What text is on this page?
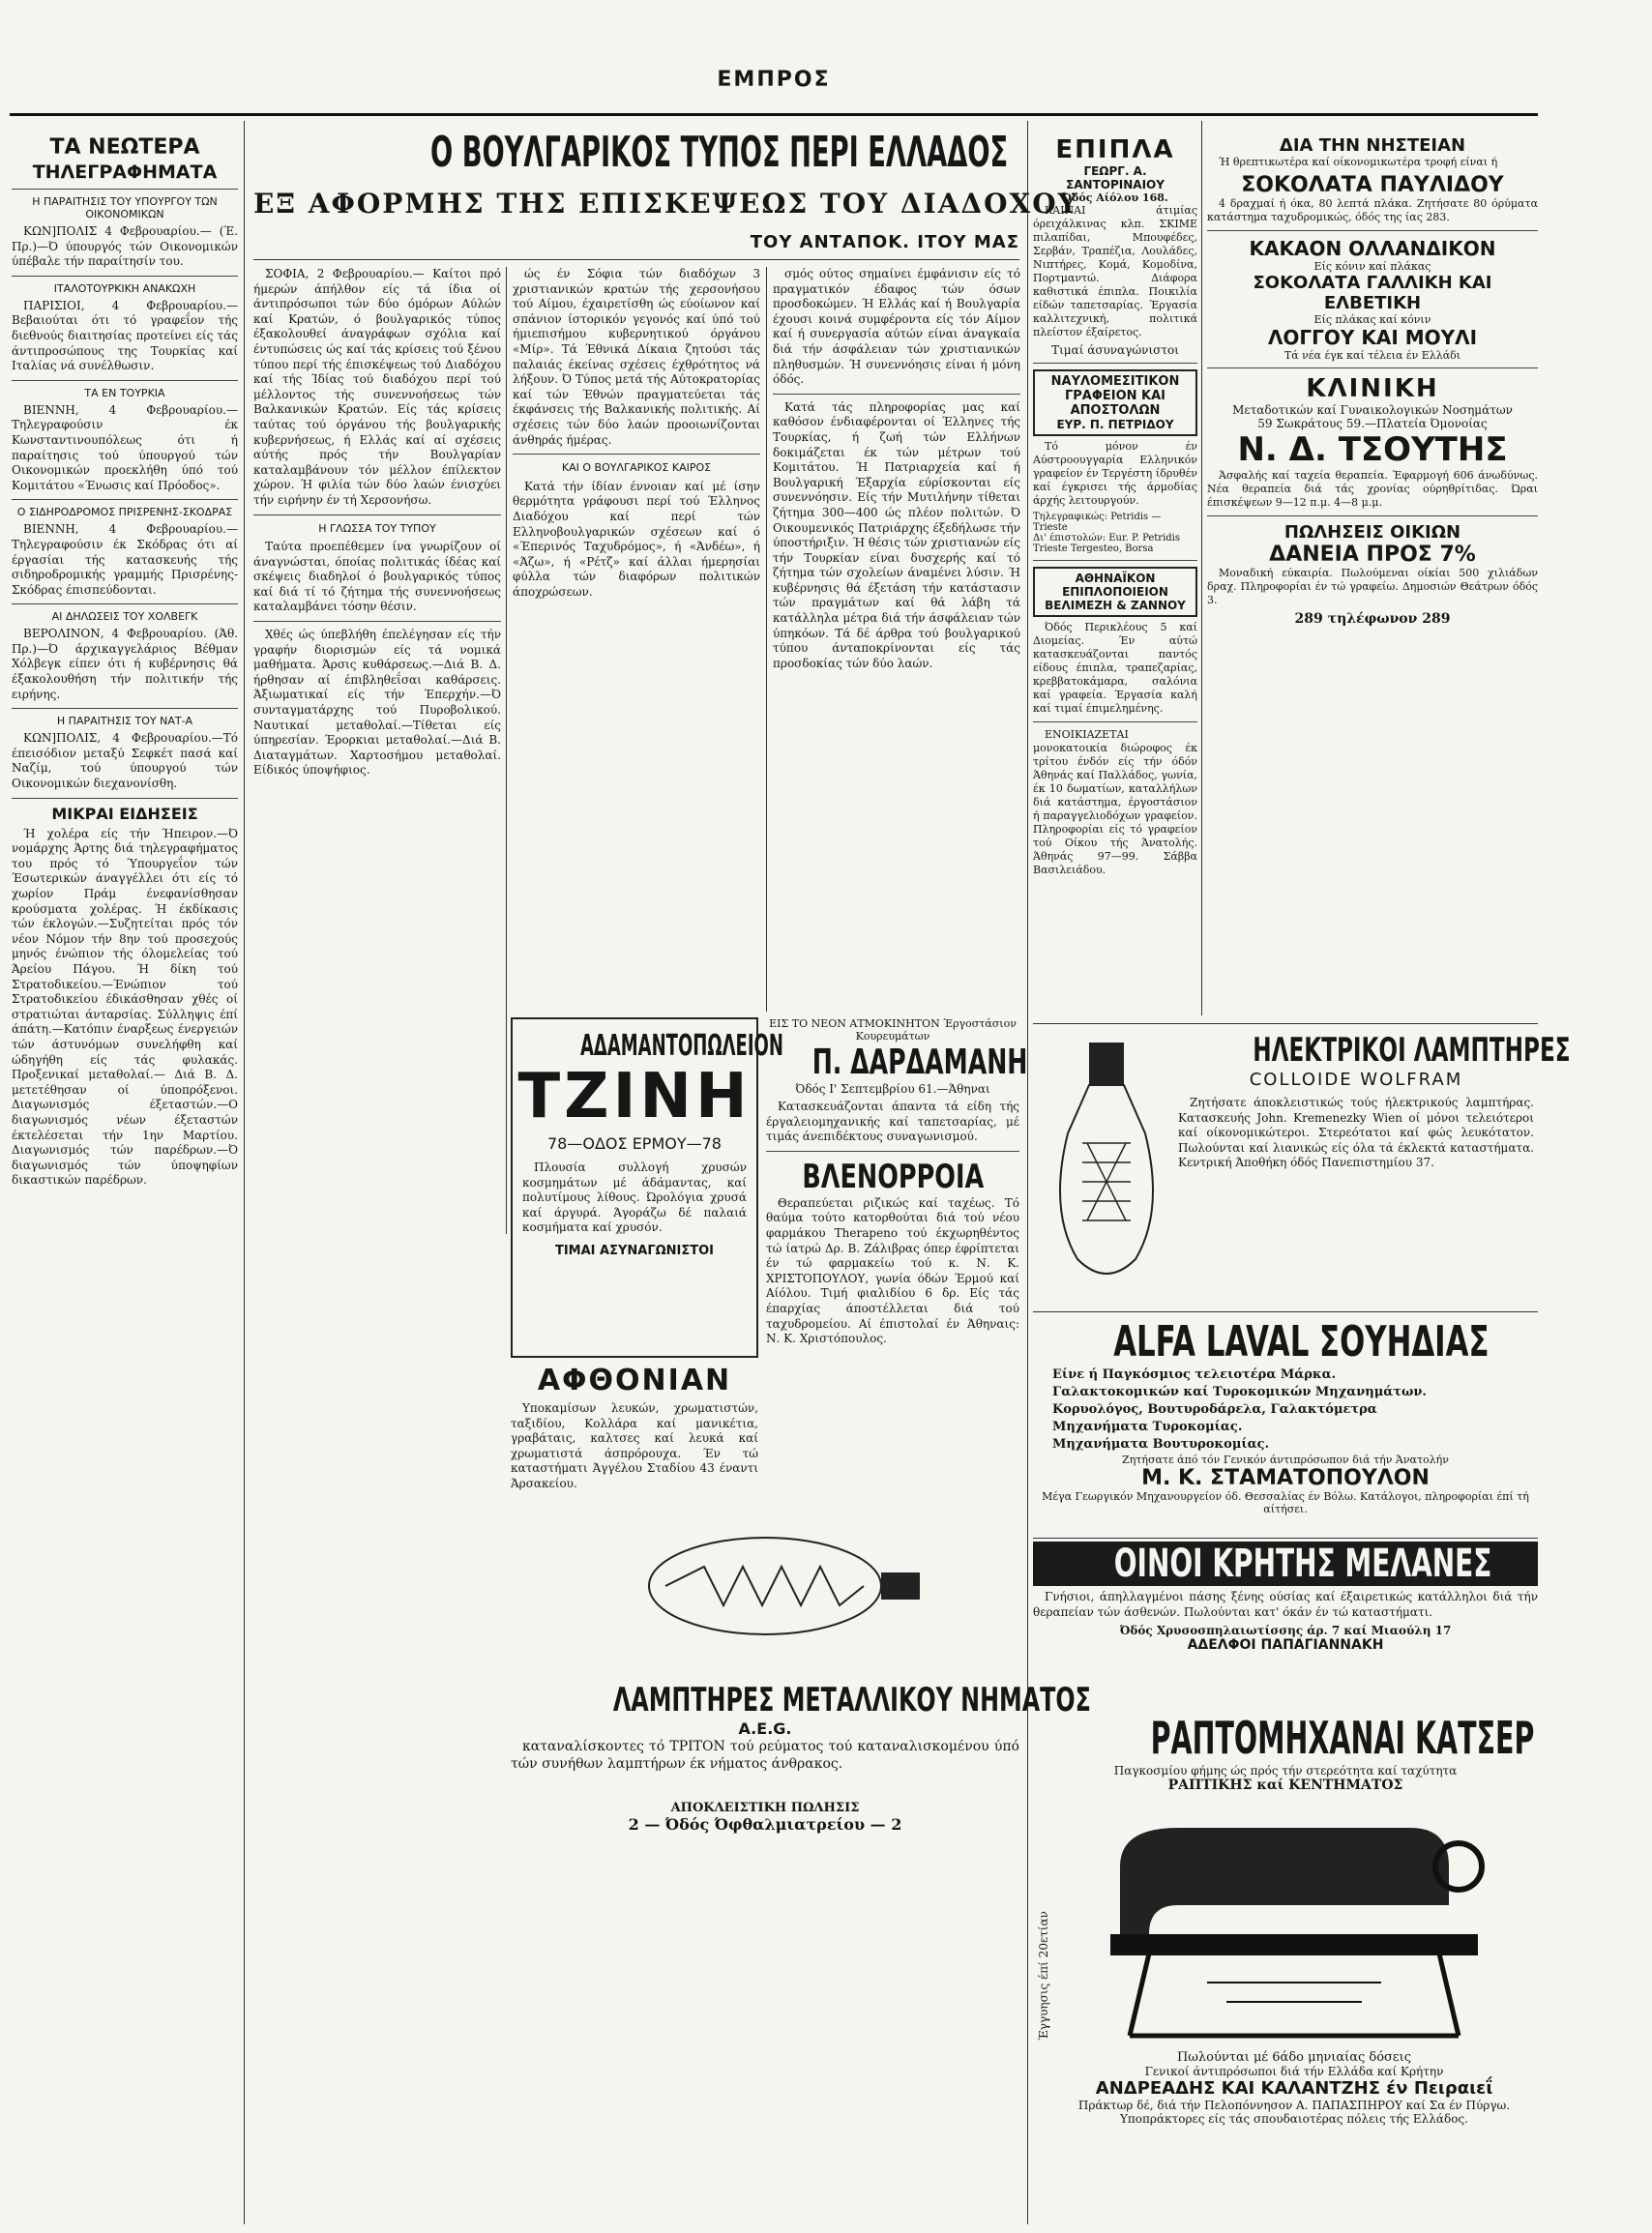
ΕΜΠΡΟΣ
ΤΑ ΝΕΩΤΕΡΑ
ΤΗΛΕΓΡΑΦΗΜΑΤΑ
Η ΠΑΡΑΙΤΗΣΙΣ ΤΟΥ ΥΠΟΥΡΓΟΥ ΤΩΝ ΟΙΚΟΝΟΜΙΚΩΝ

ΚΩΝ]ΠΟΛΙΣ 4 Φεβρουαρίου.— (Έ. Πρ.)—Ό ύπουργός τών Οικονομικών ύπέβαλε τήν παραίτησίν του.

ΙΤΑΛΟΤΟΥΡΚΙΚΗ ΑΝΑΚΩΧΗ

ΠΑΡΙΣΙΟΙ, 4 Φεβρουαρίου.—Βεβαιούται ότι τό γραφεΐον τής διεθνούς διαιτησίας προτείνει είς τάς άντιπροσώπους της Τουρκίας καί Ιταλίας νά συνέλθωσιν.

ΤΑ ΕΝ ΤΟΥΡΚΙΑ

ΒΙΕΝΝΗ, 4 Φεβρουαρίου.—Τηλεγραφούσιν έκ Κωνσταντινουπόλεως ότι ή παραίτησις τού ύπουργού τών Οικονομικών προεκλήθη ύπό τού Κομιτάτου «Ένωσις καί Πρόοδος».

Ο ΣΙΔΗΡΟΔΡΟΜΟΣ ΠΡΙΣΡΕΝΗΣ-ΣΚΟΔΡΑΣ

ΒΙΕΝΝΗ, 4 Φεβρουαρίου.—Τηλεγραφούσιν έκ Σκόδρας ότι αί έργασίαι τής κατασκευής τής σιδηροδρομικής γραμμής Πρισρένης-Σκόδρας έπισπεύδονται.

ΑΙ ΔΗΛΩΣΕΙΣ ΤΟΥ ΧΟΛΒΕΓΚ

ΒΕΡΟΛΙΝΟΝ, 4 Φεβρουαρίου. (Άθ. Πρ.)—Ό άρχικαγγελάριος Βέθμαν Χόλβεγκ είπεν ότι ή κυβέρνησις θά έξακολουθήση τήν πολιτικήν τής ειρήνης.

Η ΠΑΡΑΙΤΗΣΙΣ ΤΟΥ ΝΑΤ-Α

ΚΩΝ]ΠΟΛΙΣ, 4 Φεβρουαρίου.—Τό έπεισόδιον μεταξύ Σεφκέτ πασά καί Ναζίμ, τού ύπουργού τών Οικονομικών διεχανονίσθη.

ΜΙΚΡΑΙ ΕΙΔΗΣΕΙΣ

Ή χολέρα είς τήν Ήπειρον.—Ό νομάρχης Άρτης διά τηλεγραφήματος του πρός τό Ύπουργεΐον τών Έσωτερικών άναγγέλλει ότι είς τό χωρίον Πράμ ένεφανίσθησαν κρούσματα χολέρας. Ή έκδίκασις τών έκλογών.—Συζητείται πρός τόν νέον Νόμον τήν 8ην τού προσεχούς μηνός ένώπιον τής όλομελείας τού Άρείου Πάγου. Ή δίκη τού Στρατοδικείου.—Ένώπιον τού Στρατοδικείου έδικάσθησαν χθές οί στρατιώται άνταρσίας. Σύλληψις έπί άπάτη.—Κατόπιν έναρξεως ένεργειών τών άστυνόμων συνελήφθη καί ώδηγήθη είς τάς φυλακάς. Προξενικαί μεταθολαί.— Διά Β. Δ. μετετέθησαν οί ύποπρόξενοι. Διαγωνισμός έξεταστών.—Ο διαγωνισμός νέων έξεταστών έκτελέσεται τήν 1ην Μαρτίου. Διαγωνισμός τών παρέδρων.—Ό διαγωνισμός τών ύποψηφίων δικαστικών παρέδρων.

Ο ΒΟΥΛΓΑΡΙΚΟΣ ΤΥΠΟΣ ΠΕΡΙ ΕΛΛΑΔΟΣ
ΕΞ ΑΦΟΡΜΗΣ ΤΗΣ ΕΠΙΣΚΕΨΕΩΣ ΤΟΥ ΔΙΑΔΟΧΟΥ
ΤΟΥ ΑΝΤΑΠΟΚ. ΙΤΟΥ ΜΑΣ

ΣΟΦΙΑ, 2 Φεβρουαρίου.— Καίτοι πρό ήμερών άπήλθον είς τά ίδια οί άντιπρόσωποι τών δύο όμόρων Αύλών καί Κρατών, ό βουλγαρικός τύπος έξακολουθεί άναγράφων σχόλια καί έντυπώσεις ώς καί τάς κρίσεις τού ξένου τύπου περί τής έπισκέψεως τού Διαδόχου καί τής Ίδίας τού διαδόχου περί τού μέλλοντος τής συνεννοήσεως τών Βαλκανικών Κρατών. Είς τάς κρίσεις ταύτας τού όργάνου τής βουλγαρικής κυβερνήσεως, ή Ελλάς καί αί σχέσεις αύτής πρός τήν Βουλγαρίαν καταλαμβάνουν τόν μέλλον έπίλεκτον χώρον. Ή φιλία τών δύο λαών ένισχύει τήν ειρήνην έν τή Χερσονήσω.

Η ΓΛΩΣΣΑ ΤΟΥ ΤΥΠΟΥ

Ταύτα προεπέθεμεν ίνα γνωρίζουν οί άναγνώσται, όποίας πολιτικάς ίδέας καί σκέψεις διαδηλοί ό βουλγαρικός τύπος καί διά τί τό ζήτημα τής συνεννοήσεως καταλαμβάνει τόσην θέσιν.

Χθές ώς ύπεβλήθη έπελέγησαν είς τήν γραφήν διορισμών είς τά νομικά μαθήματα. Άρσις κυθάρσεως.—Διά Β. Δ. ήρθησαν αί έπιβληθεΐσαι καθάρσεις. Άξιωματικαί είς τήν Έπερχήν.—Ό συνταγματάρχης τού Πυροβολικού. Ναυτικαί μεταθολαί.—Τίθεται είς ύπηρεσίαν. Έρορκιαι μεταθολαί.—Διά Β. Διαταγμάτων. Χαρτοσήμου μεταθολαί. Είδικός ύποψήφιος.

ώς έν Σόφια τών διαδόχων 3 χριστιανικών κρατών τής χερσονήσου τού Αίμου, έχαιρετίσθη ώς εύοίωνον καί σπάνιον ίστορικόν γεγονός καί ύπό τού ήμιεπισήμου κυβερνητικού όργάνου «Μίρ». Τά Έθνικά Δίκαια ζητούσι τάς παλαιάς έκείνας σχέσεις έχθρότητος νά λήξουν. Ό Τύπος μετά τής Αύτοκρατορίας καί τών Έθνών πραγματεύεται τάς έκφάνσεις τής Βαλκανικής πολιτικής. Αί σχέσεις τών δύο λαών προοιωνίζονται άνθηράς ήμέρας.

ΚΑΙ Ο ΒΟΥΛΓΑΡΙΚΟΣ ΚΑΙΡΟΣ

Κατά τήν ίδίαν έννοιαν καί μέ ίσην θερμότητα γράφουσι περί τού Έλληνος Διαδόχου καί περί τών Ελληνοβουλγαρικών σχέσεων καί ό «Έπερινός Ταχυδρόμος», ή «Άνδέω», ή «Άζω», ή «Ρέτζ» καί άλλαι ήμερησίαι φύλλα τών διαφόρων πολιτικών άποχρώσεων.

σμός ούτος σημαίνει έμφάνισιν είς τό πραγματικόν έδαφος τών όσων προσδοκώμεν. Ή Ελλάς καί ή Βουλγαρία έχουσι κοινά συμφέροντα είς τόν Αίμον καί ή συνεργασία αύτών είναι άναγκαία διά τήν άσφάλειαν τών χριστιανικών πληθυσμών. Ή συνεννόησις είναι ή μόνη όδός.

Κατά τάς πληροφορίας μας καί καθόσον ένδιαφέρονται οί Έλληνες τής Τουρκίας, ή ζωή τών Ελλήνων δοκιμάζεται έκ τών μέτρων τού Κομιτάτου. Ή Πατριαρχεία καί ή Βουλγαρική Έξαρχία εύρίσκονται είς συνεννόησιν. Είς τήν Μυτιλήνην τίθεται ζήτημα 300—400 ώς πλέον πολιτών. Ό Οικουμενικός Πατριάρχης έξεδήλωσε τήν ύποστήριξιν. Ή θέσις τών χριστιανών είς τήν Τουρκίαν είναι δυσχερής καί τό ζήτημα τών σχολείων άναμένει λύσιν. Ή κυβέρνησις θά έξετάση τήν κατάστασιν τών πραγμάτων καί θά λάβη τά κατάλληλα μέτρα διά τήν άσφάλειαν τών ύπηκόων. Τά δέ άρθρα τού βουλγαρικού τύπου άνταποκρίνονται είς τάς προσδοκίας τών δύο λαών.

ΑΔΑΜΑΝΤΟΠΩΛΕΙΟΝ
ΤΖΙΝΗ
78—ΟΔΟΣ ΕΡΜΟΥ—78

Πλουσία συλλογή χρυσών κοσμημάτων μέ άδάμαντας, καί πολυτίμους λίθους. Ώρολόγια χρυσά καί άργυρά. Άγοράζω δέ παλαιά κοσμήματα καί χρυσόν.

ΤΙΜΑΙ ΑΣΥΝΑΓΩΝΙΣΤΟΙ
ΑΦΘΟΝΙΑΝ

Υποκαμίσων λευκών, χρωματιστών, ταξιδίου, Κολλάρα καί μανικέτια, γραβάταις, καλτσες καί λευκά καί χρωματιστά άσπρόρουχα. Έν τώ καταστήματι Άγγέλου Σταδίου 43 έναντι Άρσακείου.

ΕΙΣ ΤΟ ΝΕΟΝ ΑΤΜΟΚΙΝΗΤΟΝ Έργοστάσιον Κουρευμάτων
Π. ΔΑΡΔΑΜΑΝΗ
Όδός Ι' Σεπτεμβρίου 61.—Άθηναι

Κατασκευάζονται άπαντα τά είδη τής έργαλειομηχανικής καί ταπετσαρίας, μέ τιμάς άνεπιδέκτους συναγωνισμού.

ΒΛΕΝΟΡΡΟΙΑ

Θεραπεύεται ριζικώς καί ταχέως. Τό θαύμα τούτο κατορθούται διά τού νέου φαρμάκου Therapeno τού έκχωρηθέντος τώ ίατρώ Δρ. Β. Ζάλιβρας όπερ έφρίπτεται έν τώ φαρμακείω τού κ. Ν. Κ. ΧΡΙΣΤΟΠΟΥΛΟΥ, γωνία όδών Έρμού καί Αίόλου. Τιμή φιαλιδίου 6 δρ. Είς τάς έπαρχίας άποστέλλεται διά τού ταχυδρομείου. Αί έπιστολαί έν Άθηναις: Ν. Κ. Χριστόπουλος.

ΛΑΜΠΤΗΡΕΣ ΜΕΤΑΛΛΙΚΟΥ ΝΗΜΑΤΟΣ
A.E.G.

καταναλίσκοντες τό ΤΡΙΤΟΝ τού ρεύματος τού καταναλισκομένου ύπό τών συνήθων λαμπτήρων έκ νήματος άνθρακος.

ΑΠΟΚΛΕΙΣΤΙΚΗ ΠΩΛΗΣΙΣ
2 — Όδός Όφθαλμιατρείου — 2
ΕΠΙΠΛΑ
ΓΕΩΡΓ. Α. ΣΑΝΤΟΡΙΝΑΙΟΥ
Όδός Αίόλου 168.

ΚΑΙΝΑΙ άτιμίας όρειχάλκινας κλπ. ΣΚΙΜΕ πιλαπίδαι, Μπουφέδες, Σερβάν, Τραπέζια, Λουλάδες, Νιπτήρες, Κομά, Κομοδίνα, Πορτμαντώ. Διάφορα καθιστικά έπιπλα. Ποικιλία είδών ταπετσαρίας. Έργασία καλλιτεχνική, πολιτικά πλείστον έξαίρετος.

Τιμαί άσυναγώνιστοι
ΝΑΥΛΟΜΕΣΙΤΙΚΟΝ ΓΡΑΦΕΙΟΝ ΚΑΙ ΑΠΟΣΤΟΛΩΝ
ΕΥΡ. Π. ΠΕΤΡΙΔΟΥ

Τό μόνον έν Αύστροουγγαρία Ελληνικόν γραφείον έν Τεργέστη ίδρυθέν καί έγκρισει τής άρμοδίας άρχής λειτουργούν.

Τηλεγραφικώς: Petridis — Trieste
Δι' έπιστολών: Eur. P. Petridis Trieste Tergesteo, Borsa
ΑΘΗΝΑΪΚΟΝ ΕΠΙΠΛΟΠΟΙΕΙΟΝ
ΒΕΛΙΜΕΖΗ & ΖΑΝΝΟΥ

Όδός Περικλέους 5 καί Διομείας. Έν αύτώ κατασκευάζονται παντός είδους έπιπλα, τραπεζαρίας, κρεββατοκάμαρα, σαλόνια καί γραφεία. Έργασία καλή καί τιμαί έπιμελημένης.

ΕΝΟΙΚΙΑΖΕΤΑΙ μονοκατοικία διώροφος έκ τρίτου ένδόν είς τήν όδόν Άθηνάς καί Παλλάδος, γωνία, έκ 10 δωματίων, καταλλήλων διά κατάστημα, έργοστάσιον ή παραγγελιοδόχων γραφείον. Πληροφορίαι είς τό γραφείον τού Οίκου τής Άνατολής. Άθηνάς 97—99. Σάββα Βασιλειάδου.

ΔΙΑ ΤΗΝ ΝΗΣΤΕΙΑΝ

Ή θρεπτικωτέρα καί οίκονομικωτέρα τροφή είναι ή

ΣΟΚΟΛΑΤΑ ΠΑΥΛΙΔΟΥ

4 δραχμαί ή όκα, 80 λεπτά πλάκα. Ζητήσατε 80 όρύματα κατάστημα ταχυδρομικώς, όδός της ίας 283.

ΚΑΚΑΟΝ ΟΛΛΑΝΔΙΚΟΝ
Είς κόνιν καί πλάκας
ΣΟΚΟΛΑΤΑ ΓΑΛΛΙΚΗ ΚΑΙ ΕΛΒΕΤΙΚΗ
Είς πλάκας καί κόνιν
ΛΟΓΓΟΥ ΚΑΙ ΜΟΥΛΙ
Τά νέα έγκ καί τέλεια έν Ελλάδι
ΚΛΙΝΙΚΗ
Μεταδοτικών καί Γυναικολογικών Νοσημάτων
59 Σωκράτους 59.—Πλατεία Όμονοίας
Ν. Δ. ΤΣΟΥΤΗΣ

Άσφαλής καί ταχεία θεραπεία. Έφαρμογή 606 άνωδύνως. Νέα θεραπεία διά τάς χρονίας ούρηθρίτιδας. Ώραι έπισκέψεων 9—12 π.μ. 4—8 μ.μ.

ΠΩΛΗΣΕΙΣ ΟΙΚΙΩΝ
ΔΑΝΕΙΑ ΠΡΟΣ 7%

Μοναδική εύκαιρία. Πωλούμεναι οίκίαι 500 χιλιάδων δραχ. Πληροφορίαι έν τώ γραφείω. Δημοσιών Θεάτρων όδός 3.

289 τηλέφωνον 289
ΗΛΕΚΤΡΙΚΟΙ ΛΑΜΠΤΗΡΕΣ
COLLOIDE WOLFRAM

Ζητήσατε άποκλειστικώς τούς ήλεκτρικούς λαμπτήρας. Κατασκευής John. Kremenezky Wien οί μόνοι τελειότεροι καί οίκονομικώτεροι. Στερεότατοι καί φώς λευκότατον. Πωλούνται καί λιανικώς είς όλα τά έκλεκτά καταστήματα. Κεντρική Άποθήκη όδός Πανεπιστημίου 37.

ALFA LAVAL ΣΟΥΗΔΙΑΣ
Είνε ή Παγκόσμιος τελειοτέρα Μάρκα.
Γαλακτοκομικών καί Τυροκομικών Μηχανημάτων.
Κορυολόγος, Βουτυροδάρελα, Γαλακτόμετρα
Μηχανήματα Τυροκομίας.
Μηχανήματα Βουτυροκομίας.
Ζητήσατε άπό τόν Γενικόν άντιπρόσωπον διά τήν Άνατολήν
Μ. Κ. ΣΤΑΜΑΤΟΠΟΥΛΟΝ
Μέγα Γεωργικόν Μηχανουργείον όδ. Θεσσαλίας έν Βόλω. Κατάλογοι, πληροφορίαι έπί τή αίτήσει.
ΟΙΝΟΙ ΚΡΗΤΗΣ ΜΕΛΑΝΕΣ

Γνήσιοι, άπηλλαγμένοι πάσης ξένης ούσίας καί έξαιρετικώς κατάλληλοι διά τήν θεραπείαν τών άσθενών. Πωλούνται κατ' όκάν έν τώ καταστήματι.

Όδός Χρυσοσπηλαιωτίσσης άρ. 7 καί Μιαούλη 17
ΑΔΕΛΦΟΙ ΠΑΠΑΓΙΑΝΝΑΚΗ
ΡΑΠΤΟΜΗΧΑΝΑΙ ΚΑΤΣΕΡ
Παγκοσμίου φήμης ώς πρός τήν στερεότητα καί ταχύτητα
ΡΑΠΤΙΚΗΣ καί ΚΕΝΤΗΜΑΤΟΣ
Πωλούνται μέ 6άδο μηνιαίας δόσεις
Γενικοί άντιπρόσωποι διά τήν Ελλάδα καί Κρήτην
ΑΝΔΡΕΑΔΗΣ ΚΑΙ ΚΑΛΑΝΤΖΗΣ έν Πειραιεΐ
Πράκτωρ δέ, διά τήν Πελοπόννησον Α. ΠΑΠΑΣΠΗΡΟΥ καί Σα έν Πύργω.
Υποπράκτορες είς τάς σπουδαιοτέρας πόλεις τής Ελλάδος.
Έγγυησις έπί 20ετίαν
